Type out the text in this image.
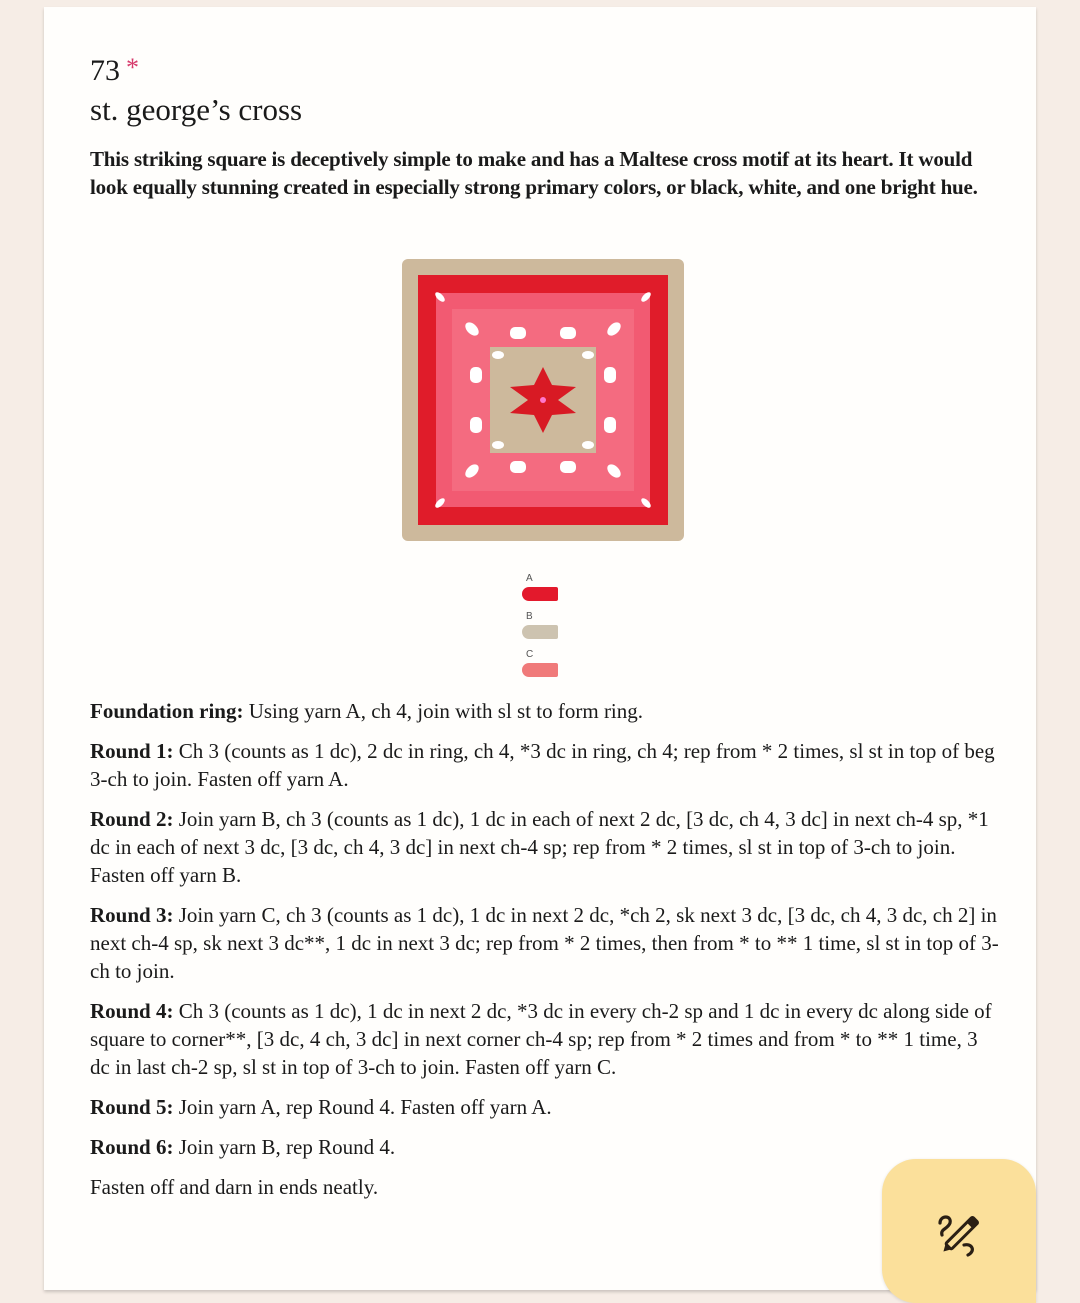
73 *
st. george’s cross
This striking square is deceptively simple to make and has a Maltese cross motif at its heart. It would look equally stunning created in especially strong primary colors, or black, white, and one bright hue.
A
B
C

Foundation ring: Using yarn A, ch 4, join with sl st to form ring.

Round 1: Ch 3 (counts as 1 dc), 2 dc in ring, ch 4, *3 dc in ring, ch 4; rep from * 2 times, sl st in top of beg 3-ch to join. Fasten off yarn A.

Round 2: Join yarn B, ch 3 (counts as 1 dc), 1 dc in each of next 2 dc, [3 dc, ch 4, 3 dc] in next ch-4 sp, *1 dc in each of next 3 dc, [3 dc, ch 4, 3 dc] in next ch-4 sp; rep from * 2 times, sl st in top of 3-ch to join. Fasten off yarn B.

Round 3: Join yarn C, ch 3 (counts as 1 dc), 1 dc in next 2 dc, *ch 2, sk next 3 dc, [3 dc, ch 4, 3 dc, ch 2] in next ch-4 sp, sk next 3 dc**, 1 dc in next 3 dc; rep from * 2 times, then from * to ** 1 time, sl st in top of 3-ch to join.

Round 4: Ch 3 (counts as 1 dc), 1 dc in next 2 dc, *3 dc in every ch-2 sp and 1 dc in every dc along side of square to corner**, [3 dc, 4 ch, 3 dc] in next corner ch-4 sp; rep from * 2 times and from * to ** 1 time, 3 dc in last ch-2 sp, sl st in top of 3-ch to join. Fasten off yarn C.

Round 5: Join yarn A, rep Round 4. Fasten off yarn A.

Round 6: Join yarn B, rep Round 4.

Fasten off and darn in ends neatly.
